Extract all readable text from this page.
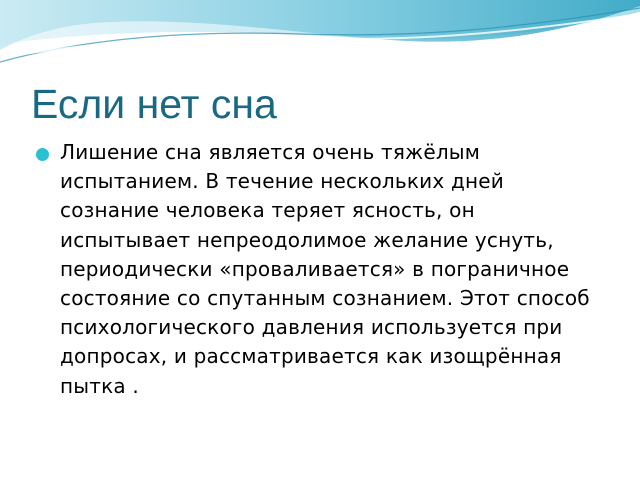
Если нет сна
Лишение сна является очень тяжёлым испытанием. В течение нескольких дней сознание человека теряет ясность, он испытывает непреодолимое желание уснуть, периодически «проваливается» в пограничное состояние со спутанным сознанием. Этот способ психологического давления используется при допросах, и рассматривается как изощрённая пытка .
